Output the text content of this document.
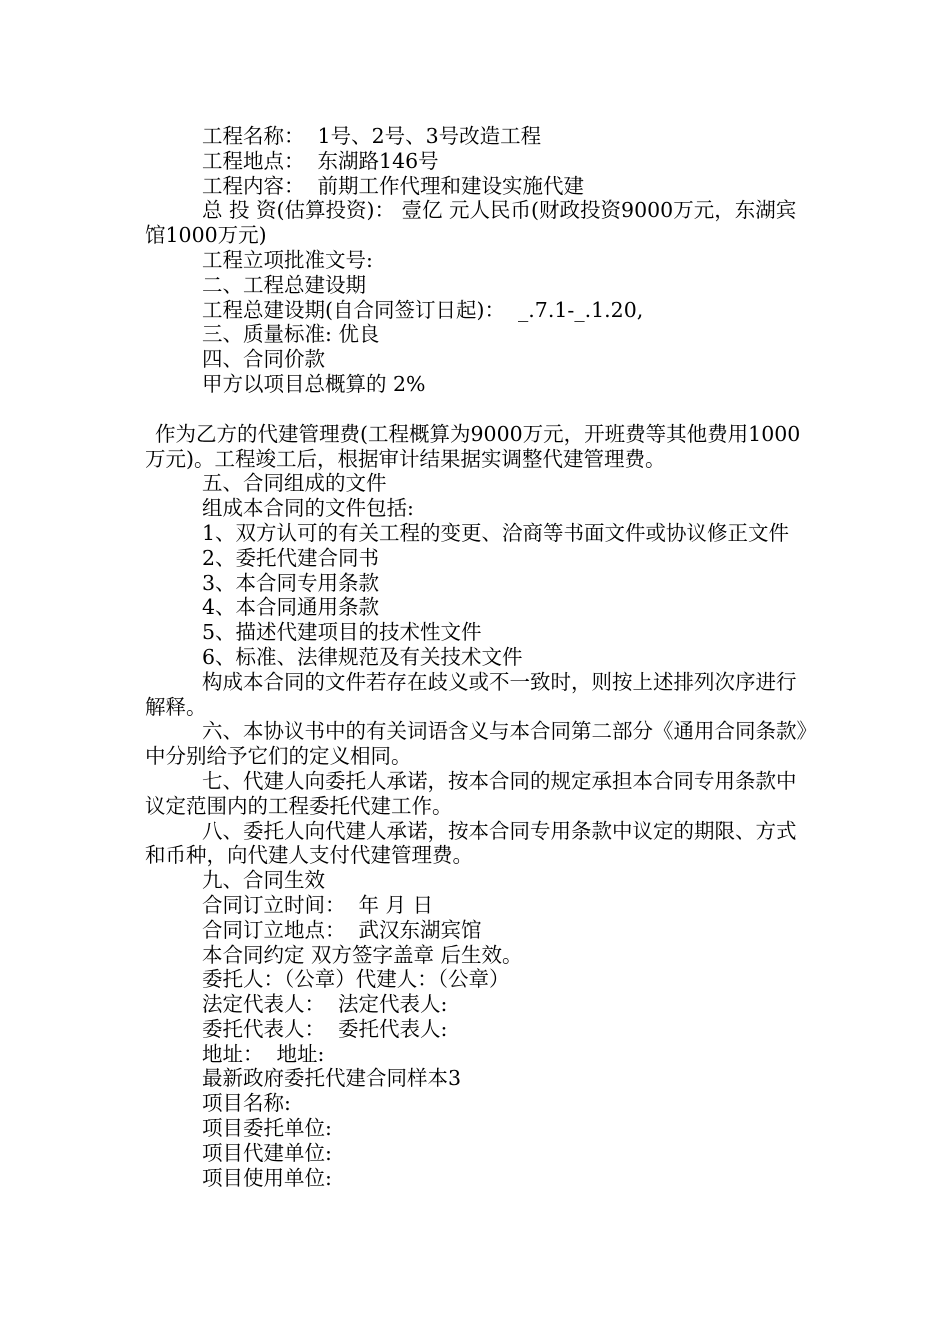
工程名称：  1号、2号、3号改造工程

工程地点：  东湖路146号

工程内容：  前期工作代理和建设实施代建

总 投 资(估算投资)： 壹亿 元人民币(财政投资9000万元，东湖宾馆1000万元)

工程立项批准文号:

二、工程总建设期

工程总建设期(自合同签订日起)：  _.7.1-_.1.20,

三、质量标准: 优良

四、合同价款

甲方以项目总概算的 2%

作为乙方的代建管理费(工程概算为9000万元，开班费等其他费用1000万元)。工程竣工后，根据审计结果据实调整代建管理费。

五、合同组成的文件

组成本合同的文件包括:

1、双方认可的有关工程的变更、洽商等书面文件或协议修正文件

2、委托代建合同书

3、本合同专用条款

4、本合同通用条款

5、描述代建项目的技术性文件

6、标准、法律规范及有关技术文件

构成本合同的文件若存在歧义或不一致时，则按上述排列次序进行解释。

六、本协议书中的有关词语含义与本合同第二部分《通用合同条款》中分别给予它们的定义相同。

七、代建人向委托人承诺，按本合同的规定承担本合同专用条款中议定范围内的工程委托代建工作。

八、委托人向代建人承诺，按本合同专用条款中议定的期限、方式和币种，向代建人支付代建管理费。

九、合同生效

合同订立时间：  年 月 日

合同订立地点：  武汉东湖宾馆

本合同约定 双方签字盖章 后生效。

委托人：（公章）代建人：（公章）

法定代表人：  法定代表人:

委托代表人：  委托代表人:

地址：  地址:

最新政府委托代建合同样本3

项目名称:

项目委托单位:

项目代建单位:

项目使用单位:
